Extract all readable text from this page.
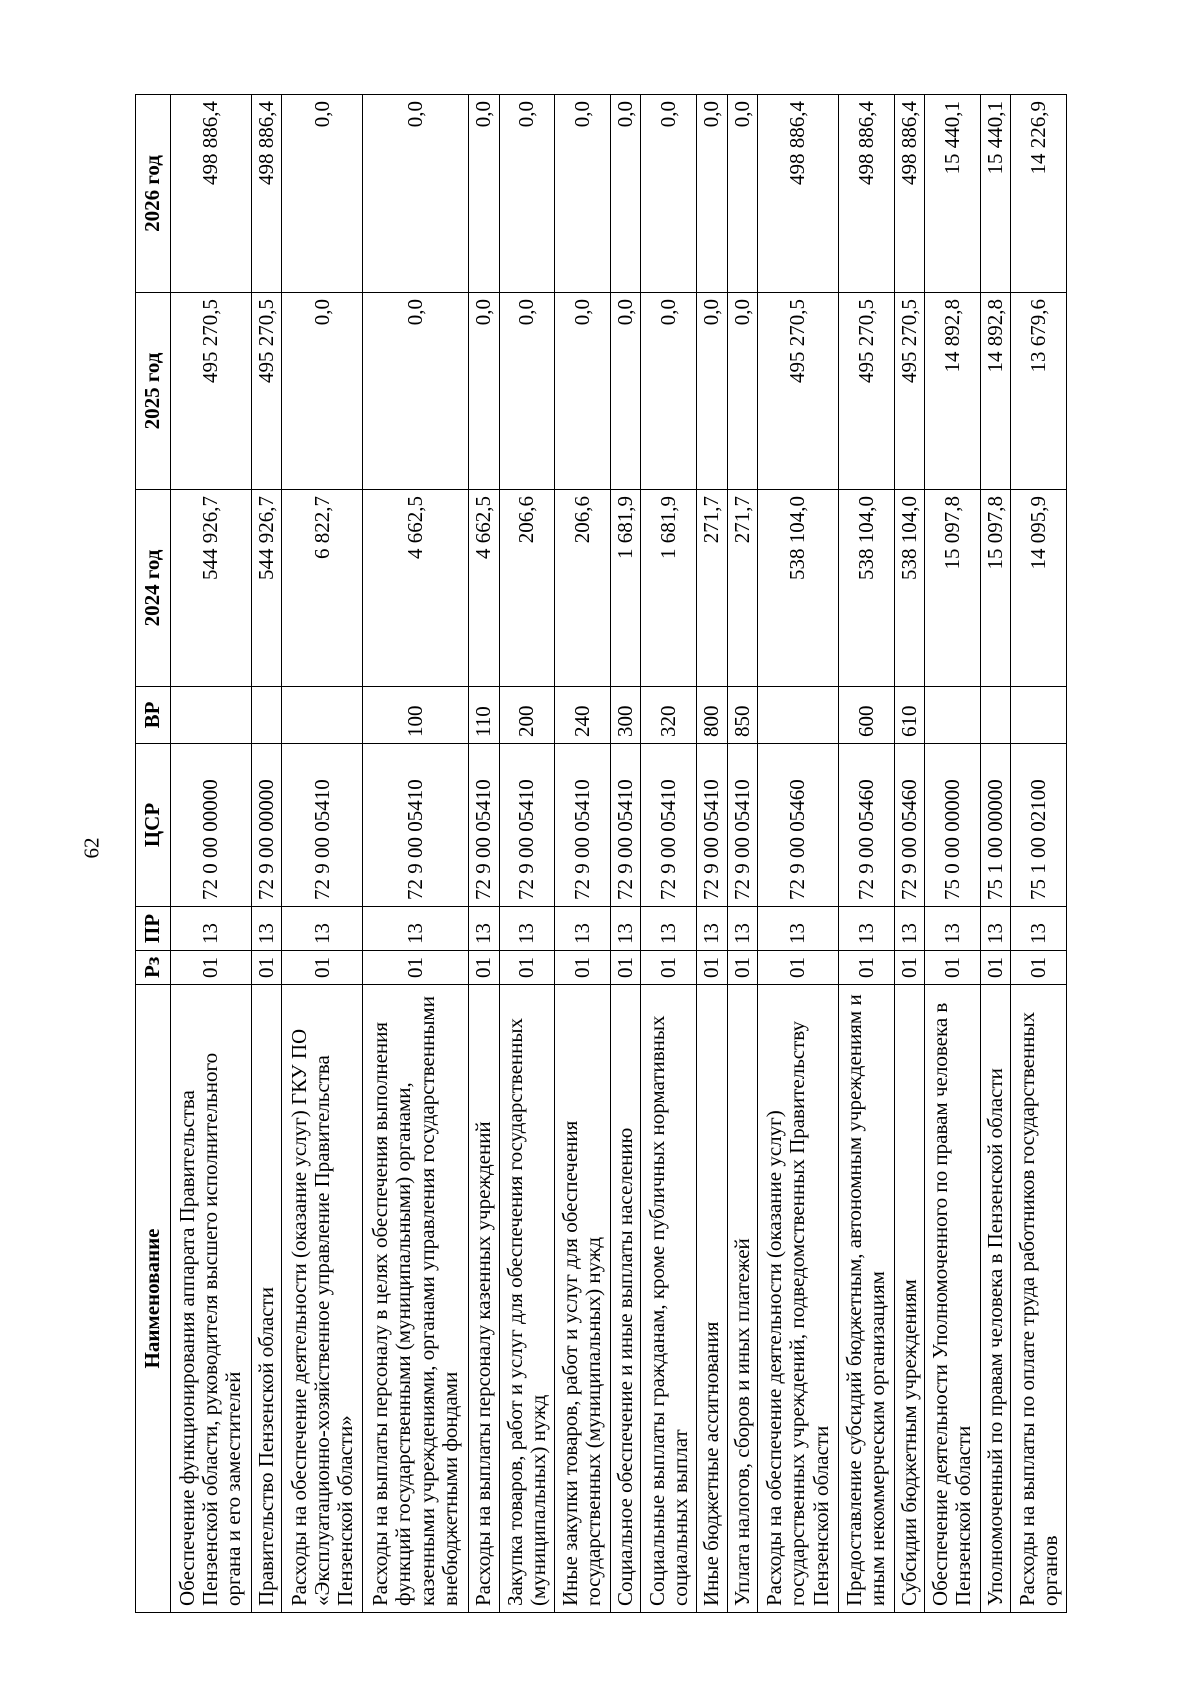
62
Наименование	Рз	ПР	ЦСР	ВР	2024 год	2025 год	2026 год
Обеспечение функционирования аппарата Правительства Пензенской области, руководителя высшего исполнительного органа и его заместителей	01	13	72 0 00 00000		544 926,7	495 270,5	498 886,4
Правительство Пензенской области	01	13	72 9 00 00000		544 926,7	495 270,5	498 886,4
Расходы на обеспечение деятельности (оказание услуг) ГКУ ПО «Эксплуатационно-хозяйственное управление Правительства Пензенской области»	01	13	72 9 00 05410		6 822,7	0,0	0,0
Расходы на выплаты персоналу в целях обеспечения выполнения функций государственными (муниципальными) органами, казенными учреждениями, органами управления государственными внебюджетными фондами	01	13	72 9 00 05410	100	4 662,5	0,0	0,0
Расходы на выплаты персоналу казенных учреждений	01	13	72 9 00 05410	110	4 662,5	0,0	0,0
Закупка товаров, работ и услуг для обеспечения государственных (муниципальных) нужд	01	13	72 9 00 05410	200	206,6	0,0	0,0
Иные закупки товаров, работ и услуг для обеспечения государственных (муниципальных) нужд	01	13	72 9 00 05410	240	206,6	0,0	0,0
Социальное обеспечение и иные выплаты населению	01	13	72 9 00 05410	300	1 681,9	0,0	0,0
Социальные выплаты гражданам, кроме публичных нормативных социальных выплат	01	13	72 9 00 05410	320	1 681,9	0,0	0,0
Иные бюджетные ассигнования	01	13	72 9 00 05410	800	271,7	0,0	0,0
Уплата налогов, сборов и иных платежей	01	13	72 9 00 05410	850	271,7	0,0	0,0
Расходы на обеспечение деятельности (оказание услуг) государственных учреждений, подведомственных Правительству Пензенской области	01	13	72 9 00 05460		538 104,0	495 270,5	498 886,4
Предоставление субсидий бюджетным, автономным учреждениям и иным некоммерческим организациям	01	13	72 9 00 05460	600	538 104,0	495 270,5	498 886,4
Субсидии бюджетным учреждениям	01	13	72 9 00 05460	610	538 104,0	495 270,5	498 886,4
Обеспечение деятельности Уполномоченного по правам человека в Пензенской области	01	13	75 0 00 00000		15 097,8	14 892,8	15 440,1
Уполномоченный по правам человека в Пензенской области	01	13	75 1 00 00000		15 097,8	14 892,8	15 440,1
Расходы на выплаты по оплате труда работников государственных органов	01	13	75 1 00 02100		14 095,9	13 679,6	14 226,9
